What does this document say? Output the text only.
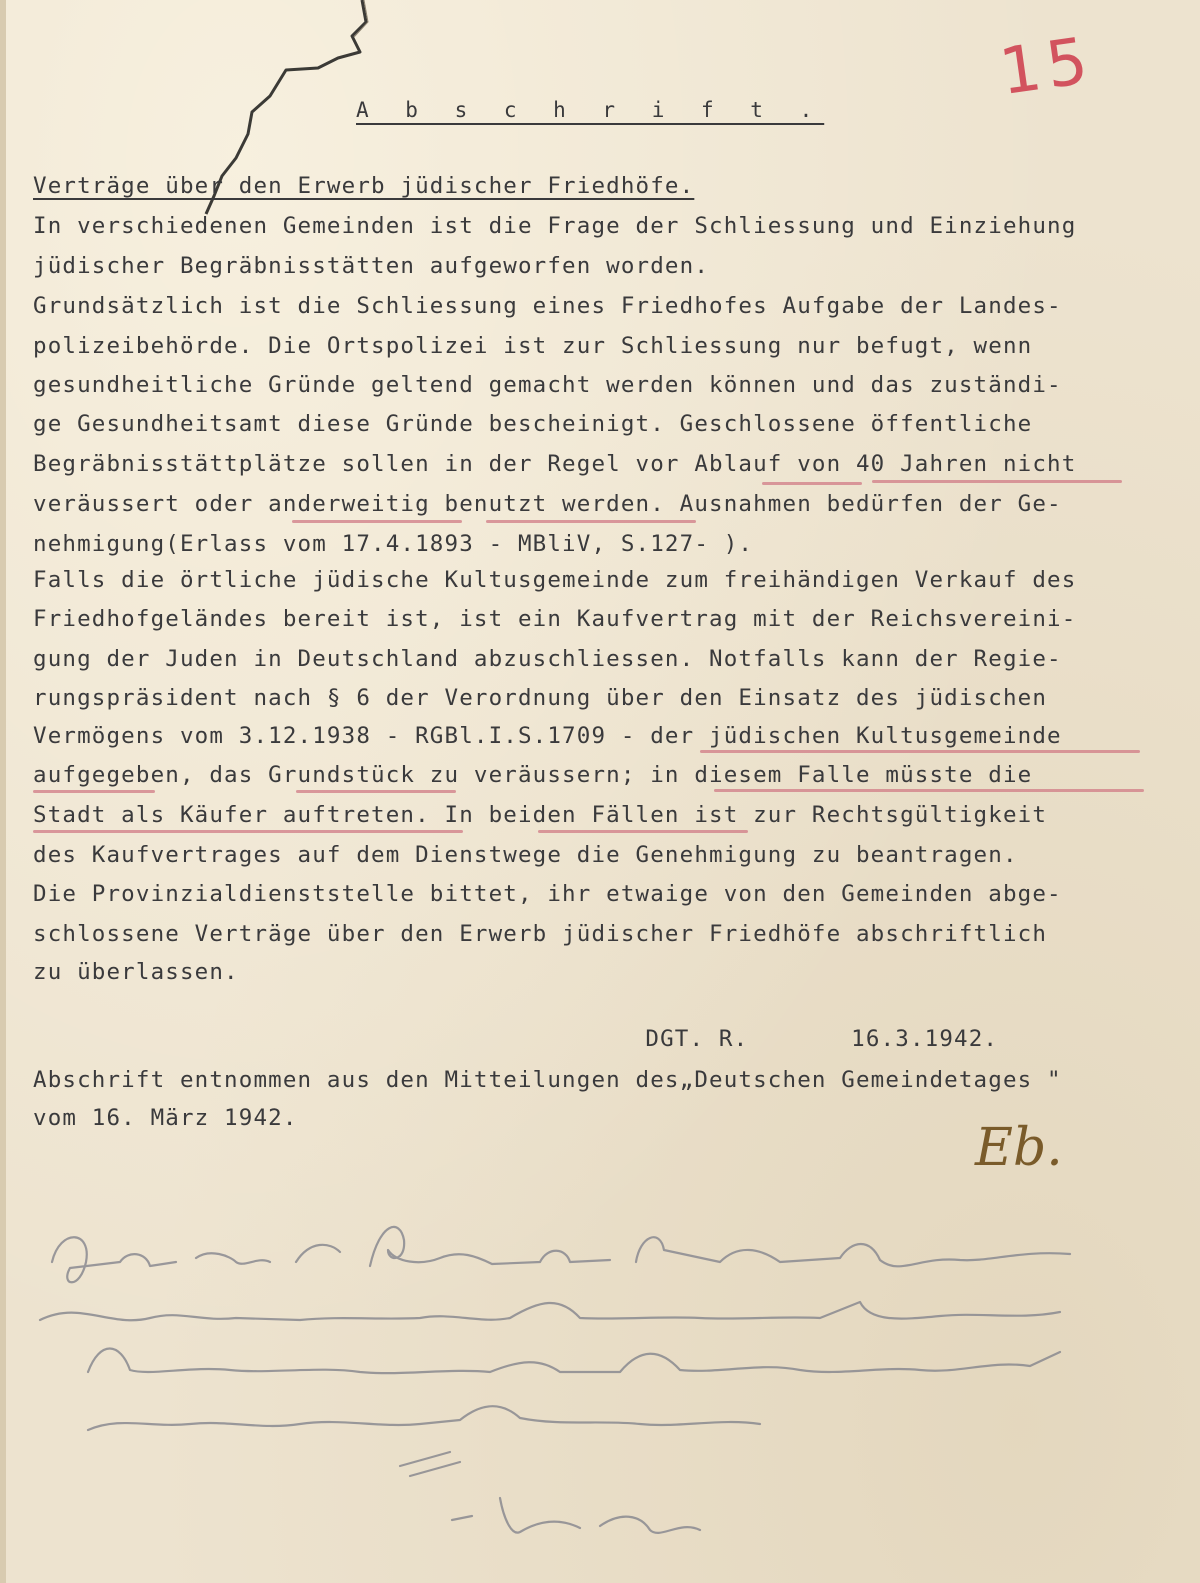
15
A b s c h r i f t .
Verträge über den Erwerb jüdischer Friedhöfe.
In verschiedenen Gemeinden ist die Frage der Schliessung und Einziehung
jüdischer Begräbnisstätten aufgeworfen worden.
Grundsätzlich ist die Schliessung eines Friedhofes Aufgabe der Landes-
polizeibehörde. Die Ortspolizei ist zur Schliessung nur befugt, wenn
gesundheitliche Gründe geltend gemacht werden können und das zuständi-
ge Gesundheitsamt diese Gründe bescheinigt. Geschlossene öffentliche
Begräbnisstättplätze sollen in der Regel vor Ablauf von 40 Jahren nicht
veräussert oder anderweitig benutzt werden. Ausnahmen bedürfen der Ge-
nehmigung(Erlass vom 17.4.1893 - MBliV, S.127- ).
Falls die örtliche jüdische Kultusgemeinde zum freihändigen Verkauf des
Friedhofgeländes bereit ist, ist ein Kaufvertrag mit der Reichsvereini-
gung der Juden in Deutschland abzuschliessen. Notfalls kann der Regie-
rungspräsident nach § 6 der Verordnung über den Einsatz des jüdischen
Vermögens vom 3.12.1938 - RGBl.I.S.1709 - der jüdischen Kultusgemeinde
aufgegeben, das Grundstück zu veräussern; in diesem Falle müsste die
Stadt als Käufer auftreten. In beiden Fällen ist zur Rechtsgültigkeit
des Kaufvertrages auf dem Dienstwege die Genehmigung zu beantragen.
Die Provinzialdienststelle bittet, ihr etwaige von den Gemeinden abge-
schlossene Verträge über den Erwerb jüdischer Friedhöfe abschriftlich
zu überlassen.

DGT. R.	16.3.1942.

Abschrift entnommen aus den Mitteilungen des„Deutschen Gemeindetages "
vom 16. März 1942.	Eb.
